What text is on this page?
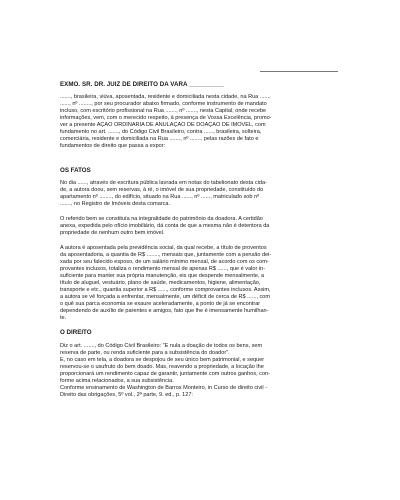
EXMO. SR. DR. JUIZ DE DIREITO DA VARA __________
......., brasileira, viúva, aposentada, residente e domiciliada nesta cidade, na Rua .......
......, nº ........, por seu procurador abaixo firmado, conforme instrumento de mandato
incluso, com escritório profissional na Rua ......., nº ......., nesta Capital, onde recebe
informações, vem, com o merecido respeito, à presença de Vossa Excelência, promo-
ver a presente AÇÃO ORDINÁRIA DE ANULAÇÃO DE DOAÇÃO DE IMÓVEL, com
fundamento no art. ......., do Código Civil Brasileiro, contra ......, brasileira, solteira,
comerciária, residente e domiciliada na Rua ......., nº ......., pelas razões de fato e
fundamentos de direito que passa a expor:
OS FATOS
No dia ......, através de escritura pública lavrada em notas do tabelionato desta cida-
de, a autora doou, sem reservas, à ré, o imóvel de sua propriedade, constituído do
apartamento nº ........, do edifício, situado na Rua ......, nº ......, matriculado sob nº
......., no Registro de Imóveis desta comarca.
O referido bem se constituía na integralidade do patrimônio da doadora. A certidão
anexa, expedida pelo ofício imobiliário, dá conta de que a mesma não é detentora da
propriedade de nenhum outro bem imóvel.
A autora é aposentada pela previdência social, da qual recebe, a título de proventos
da aposentadoria, a quantia de R$ ........, mensais que, juntamente com a pensão dei-
xada por seu falecido esposo, de um salário mínimo mensal, de acordo com os com-
provantes inclusos, totaliza o rendimento mensal de apenas R$ ......, que é valor in-
suficiente para manter sua própria manutenção, eis que despende mensalmente, a
título de aluguel, vestuário, plano de saúde, medicamentos, higiene, alimentação,
transporte e etc., quantia superior a R$ ......, conforme comprovantes inclusos. Assim,
a autora se vê forçada a enfrentar, mensalmente, um déficit de cerca de R$ ......, com
o quê sua parca economia se exaure aceleradamente, a ponto de já se encontrar
dependendo de auxílio de parentes e amigos, fato que lhe é imensamente humilhan-
te.
O DIREITO
Diz o art. ......., do Código Civil Brasileiro: "É nula a doação de todos os bens, sem
reserva de parte, ou renda suficiente para a subsistência do doador".
E, no caso em tela, a doadora se despojou de seu único bem patrimonial, e sequer
reservou-se o usufruto do bem doado. Mas, reavendo a propriedade, a locação lhe
proporcionará um rendimento capaz de garantir, juntamente com outros ganhos, con-
forme acima relacionados, a sua subsistência.
Conforme ensinamento de Washington de Barros Monteiro, in Curso de direito civil -
Direito das obrigações, 5º vol., 2ª parte, 9. ed., p. 127:
